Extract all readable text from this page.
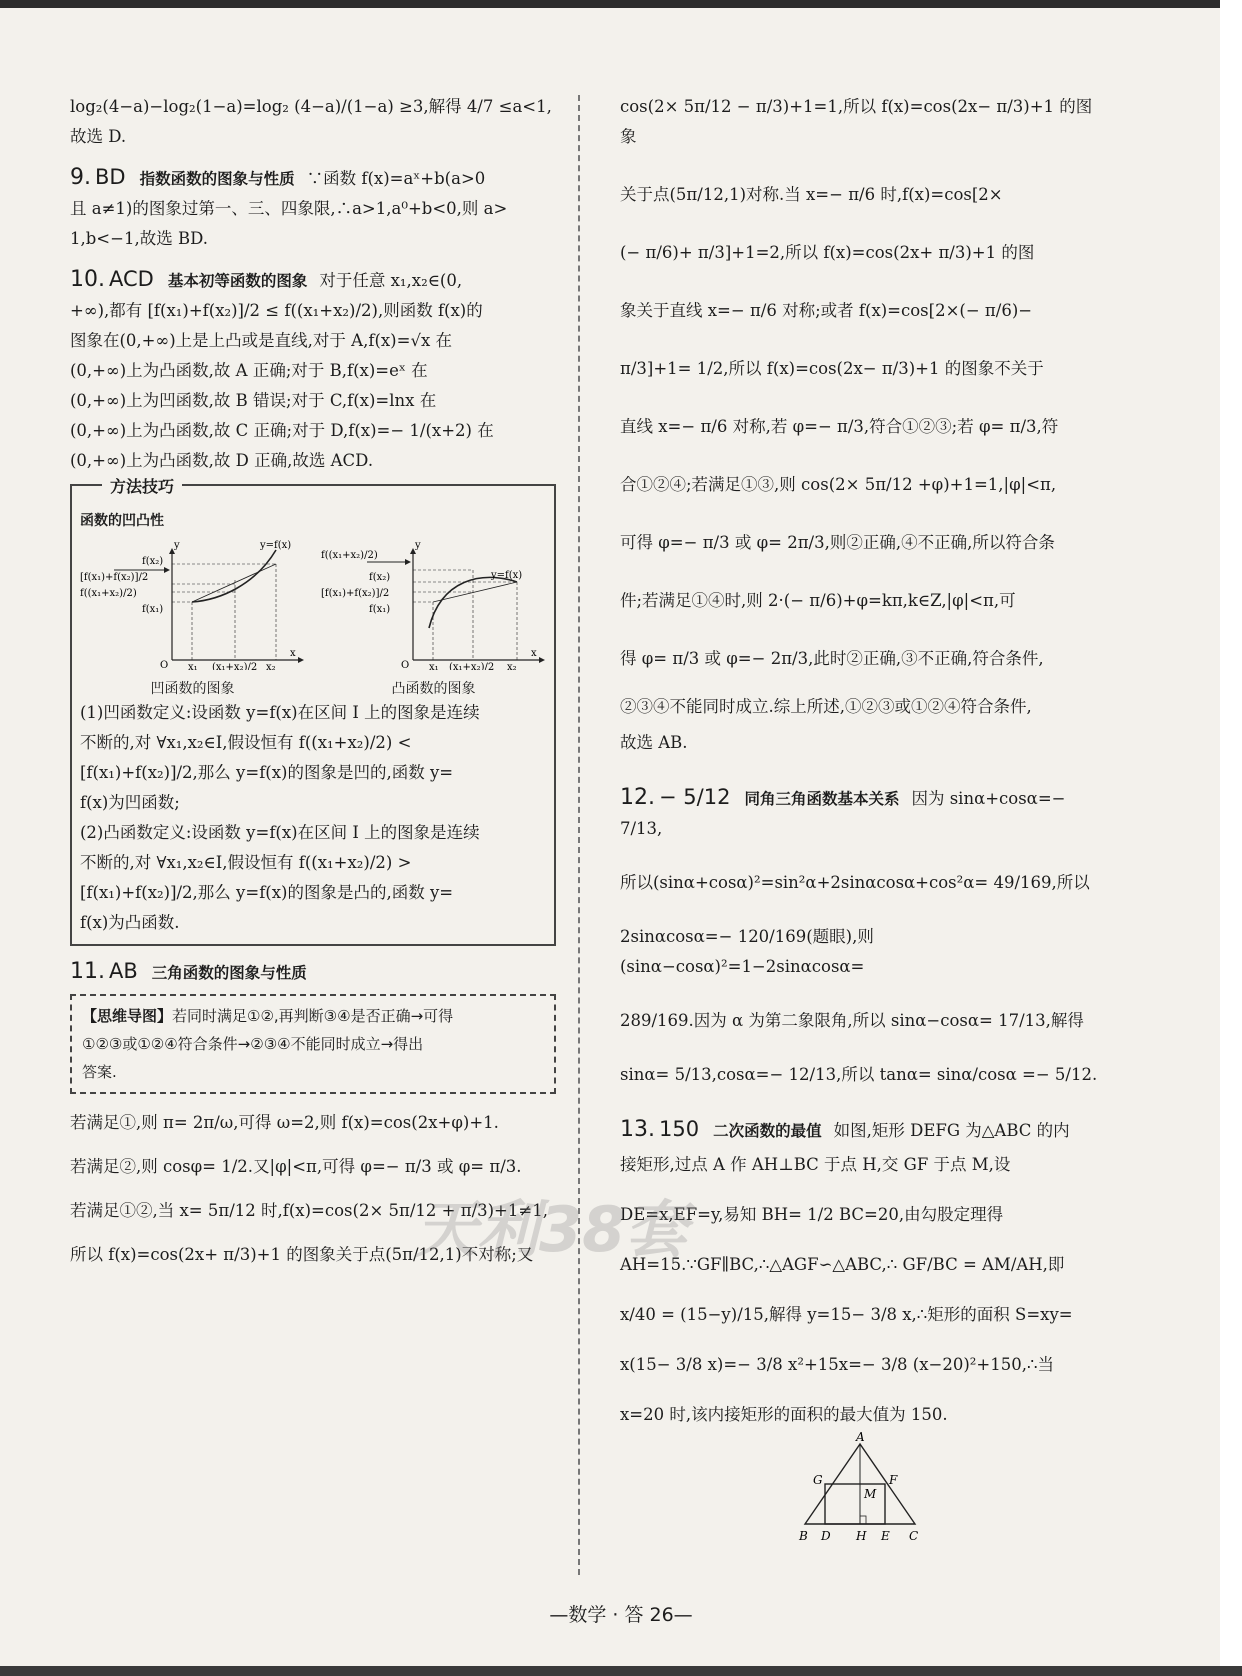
log₂(4−a)−log₂(1−a)=log₂ (4−a)/(1−a) ≥3,解得 4/7 ≤a<1,故选 D.

9. BD 指数函数的图象与性质 ∵函数 f(x)=aˣ+b(a>0

且 a≠1)的图象过第一、三、四象限,∴a>1,a⁰+b<0,则 a>

1,b<−1,故选 BD.

10. ACD 基本初等函数的图象 对于任意 x₁,x₂∈(0,

+∞),都有 [f(x₁)+f(x₂)]/2 ≤ f((x₁+x₂)/2),则函数 f(x)的

图象在(0,+∞)上是上凸或是直线,对于 A,f(x)=√x 在

(0,+∞)上为凸函数,故 A 正确;对于 B,f(x)=eˣ 在

(0,+∞)上为凹函数,故 B 错误;对于 C,f(x)=lnx 在

(0,+∞)上为凸函数,故 C 正确;对于 D,f(x)=− 1/(x+2) 在

(0,+∞)上为凸函数,故 D 正确,故选 ACD.

方法技巧
函数的凹凸性
y
x
O
y=f(x)
x₁	x₂
(x₁+x₂)/2
f(x₂)
[f(x₁)+f(x₂)]/2
f((x₁+x₂)/2)
f(x₁)
凹函数的图象
y
x
O
y=f(x)
x₁	x₂
(x₁+x₂)/2
f((x₁+x₂)/2)
f(x₂)
[f(x₁)+f(x₂)]/2
f(x₁)
凸函数的图象

(1)凹函数定义:设函数 y=f(x)在区间 I 上的图象是连续

不断的,对 ∀x₁,x₂∈I,假设恒有 f((x₁+x₂)/2) <

[f(x₁)+f(x₂)]/2,那么 y=f(x)的图象是凹的,函数 y=

f(x)为凹函数;

(2)凸函数定义:设函数 y=f(x)在区间 I 上的图象是连续

不断的,对 ∀x₁,x₂∈I,假设恒有 f((x₁+x₂)/2) >

[f(x₁)+f(x₂)]/2,那么 y=f(x)的图象是凸的,函数 y=

f(x)为凸函数.

11. AB 三角函数的图象与性质

【思维导图】若同时满足①②,再判断③④是否正确→可得
①②③或①②④符合条件→②③④不能同时成立→得出
答案.

若满足①,则 π= 2π/ω,可得 ω=2,则 f(x)=cos(2x+φ)+1.

若满足②,则 cosφ= 1/2.又|φ|<π,可得 φ=− π/3 或 φ= π/3.

若满足①②,当 x= 5π/12 时,f(x)=cos(2× 5π/12 + π/3)+1≠1,

所以 f(x)=cos(2x+ π/3)+1 的图象关于点(5π/12,1)不对称;又

cos(2× 5π/12 − π/3)+1=1,所以 f(x)=cos(2x− π/3)+1 的图象

关于点(5π/12,1)对称.当 x=− π/6 时,f(x)=cos[2×

(− π/6)+ π/3]+1=2,所以 f(x)=cos(2x+ π/3)+1 的图

象关于直线 x=− π/6 对称;或者 f(x)=cos[2×(− π/6)−

π/3]+1= 1/2,所以 f(x)=cos(2x− π/3)+1 的图象不关于

直线 x=− π/6 对称,若 φ=− π/3,符合①②③;若 φ= π/3,符

合①②④;若满足①③,则 cos(2× 5π/12 +φ)+1=1,|φ|<π,

可得 φ=− π/3 或 φ= 2π/3,则②正确,④不正确,所以符合条

件;若满足①④时,则 2·(− π/6)+φ=kπ,k∈Z,|φ|<π,可

得 φ= π/3 或 φ=− 2π/3,此时②正确,③不正确,符合条件,

②③④不能同时成立.综上所述,①②③或①②④符合条件,

故选 AB.

12. − 5/12 同角三角函数基本关系 因为 sinα+cosα=− 7/13,

所以(sinα+cosα)²=sin²α+2sinαcosα+cos²α= 49/169,所以

2sinαcosα=− 120/169(题眼),则(sinα−cosα)²=1−2sinαcosα=

289/169.因为 α 为第二象限角,所以 sinα−cosα= 17/13,解得

sinα= 5/13,cosα=− 12/13,所以 tanα= sinα/cosα =− 5/12.

13. 150 二次函数的最值 如图,矩形 DEFG 为△ABC 的内

接矩形,过点 A 作 AH⊥BC 于点 H,交 GF 于点 M,设

DE=x,EF=y,易知 BH= 1/2 BC=20,由勾股定理得

AH=15.∵GF∥BC,∴△AGF∽△ABC,∴ GF/BC = AM/AH,即

x/40 = (15−y)/15,解得 y=15− 3/8 x,∴矩形的面积 S=xy=

x(15− 3/8 x)=− 3/8 x²+15x=− 3/8 (x−20)²+150,∴当

x=20 时,该内接矩形的面积的最大值为 150.

A
B D H E C
G	F
M
天利38套
—数学 · 答 26—
